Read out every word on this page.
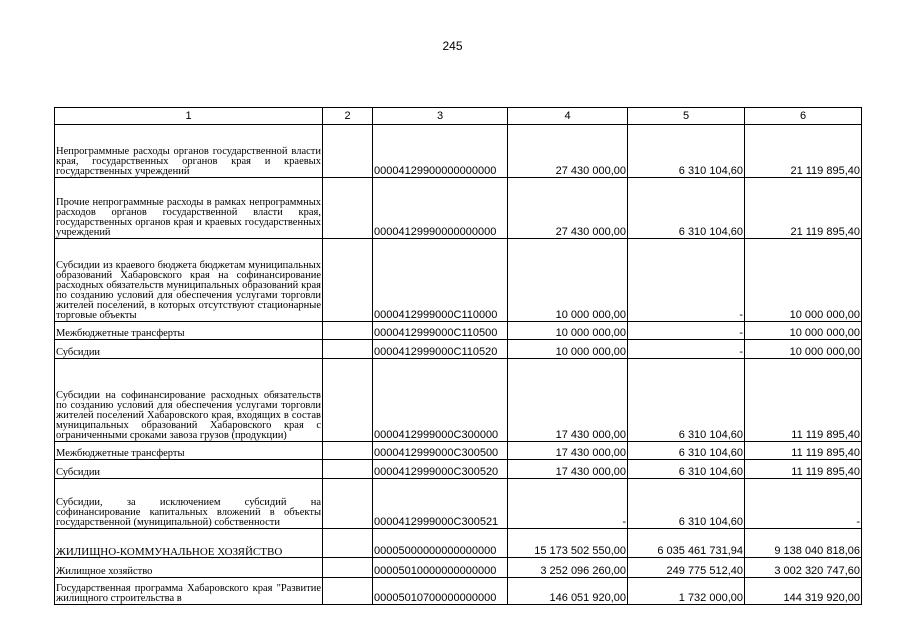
245
1	2	3	4	5	6
Непрограммные расходы органов государственной власти края, государственных органов края и краевых государственных учреждений		00004129900000000000	27 430 000,00	6 310 104,60	21 119 895,40
Прочие непрограммные расходы в рамках непрограммных расходов органов государственной власти края, государственных органов края и краевых государственных учреждений		00004129990000000000	27 430 000,00	6 310 104,60	21 119 895,40
Субсидии из краевого бюджета бюджетам муниципальных образований Хабаровского края на софинансирование расходных обязательств муниципальных образований края по созданию условий для обеспечения услугами торговли жителей поселений, в которых отсутствуют стационарные торговые объекты		0000412999000С110000	10 000 000,00	-	10 000 000,00
Межбюджетные трансферты		0000412999000С110500	10 000 000,00	-	10 000 000,00
Субсидии		0000412999000С110520	10 000 000,00	-	10 000 000,00
Субсидии на софинансирование расходных обязательств по созданию условий для обеспечения услугами торговли жителей поселений Хабаровского края, входящих в состав муниципальных образований Хабаровского края с ограниченными сроками завоза грузов (продукции)		0000412999000С300000	17 430 000,00	6 310 104,60	11 119 895,40
Межбюджетные трансферты		0000412999000С300500	17 430 000,00	6 310 104,60	11 119 895,40
Субсидии		0000412999000С300520	17 430 000,00	6 310 104,60	11 119 895,40
Субсидии, за исключением субсидий на софинансирование капитальных вложений в объекты государственной (муниципальной) собственности		0000412999000С300521	-	6 310 104,60	-
ЖИЛИЩНО-КОММУНАЛЬНОЕ ХОЗЯЙСТВО		00005000000000000000	15 173 502 550,00	6 035 461 731,94	9 138 040 818,06
Жилищное хозяйство		00005010000000000000	3 252 096 260,00	249 775 512,40	3 002 320 747,60
Государственная программа Хабаровского края "Развитие жилищного строительства в		00005010700000000000	146 051 920,00	1 732 000,00	144 319 920,00
